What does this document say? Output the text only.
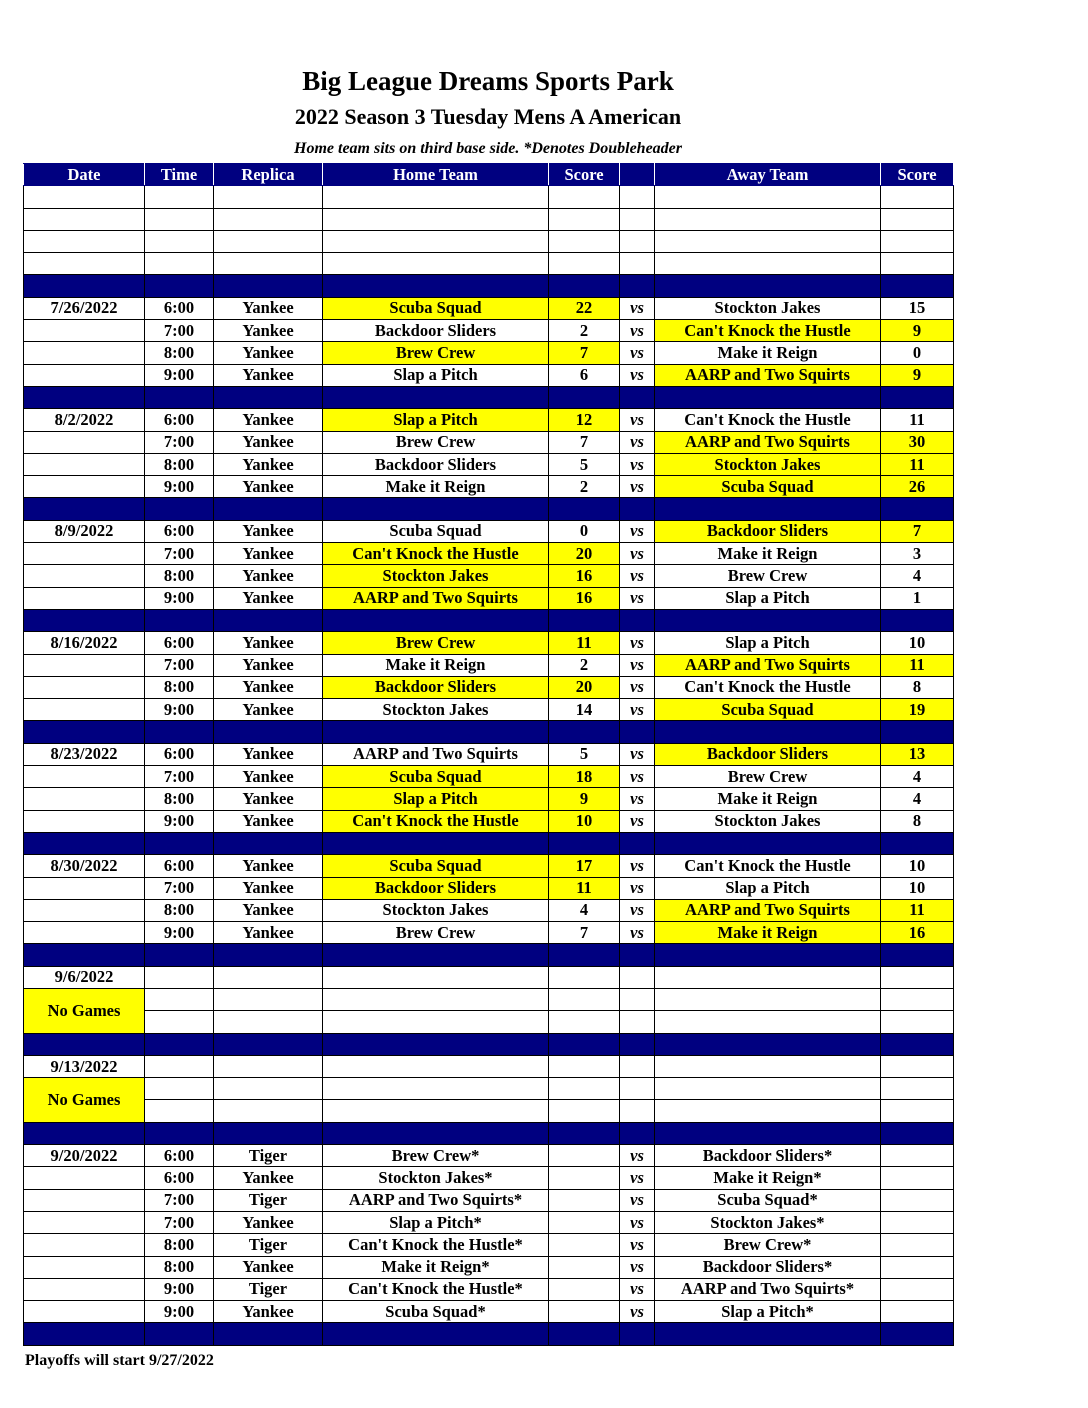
Big League Dreams Sports Park
2022 Season 3 Tuesday Mens A American
Home team sits on third base side. *Denotes Doubleheader
Date	Time	Replica	Home Team	Score		Away Team	Score

7/26/2022	6:00	Yankee	Scuba Squad	22	vs	Stockton Jakes	15
	7:00	Yankee	Backdoor Sliders	2	vs	Can't Knock the Hustle	9
	8:00	Yankee	Brew Crew	7	vs	Make it Reign	0
	9:00	Yankee	Slap a Pitch	6	vs	AARP and Two Squirts	9

8/2/2022	6:00	Yankee	Slap a Pitch	12	vs	Can't Knock the Hustle	11
	7:00	Yankee	Brew Crew	7	vs	AARP and Two Squirts	30
	8:00	Yankee	Backdoor Sliders	5	vs	Stockton Jakes	11
	9:00	Yankee	Make it Reign	2	vs	Scuba Squad	26

8/9/2022	6:00	Yankee	Scuba Squad	0	vs	Backdoor Sliders	7
	7:00	Yankee	Can't Knock the Hustle	20	vs	Make it Reign	3
	8:00	Yankee	Stockton Jakes	16	vs	Brew Crew	4
	9:00	Yankee	AARP and Two Squirts	16	vs	Slap a Pitch	1

8/16/2022	6:00	Yankee	Brew Crew	11	vs	Slap a Pitch	10
	7:00	Yankee	Make it Reign	2	vs	AARP and Two Squirts	11
	8:00	Yankee	Backdoor Sliders	20	vs	Can't Knock the Hustle	8
	9:00	Yankee	Stockton Jakes	14	vs	Scuba Squad	19

8/23/2022	6:00	Yankee	AARP and Two Squirts	5	vs	Backdoor Sliders	13
	7:00	Yankee	Scuba Squad	18	vs	Brew Crew	4
	8:00	Yankee	Slap a Pitch	9	vs	Make it Reign	4
	9:00	Yankee	Can't Knock the Hustle	10	vs	Stockton Jakes	8

8/30/2022	6:00	Yankee	Scuba Squad	17	vs	Can't Knock the Hustle	10
	7:00	Yankee	Backdoor Sliders	11	vs	Slap a Pitch	10
	8:00	Yankee	Stockton Jakes	4	vs	AARP and Two Squirts	11
	9:00	Yankee	Brew Crew	7	vs	Make it Reign	16

9/6/2022							
No Games							

9/13/2022							
No Games							

9/20/2022	6:00	Tiger	Brew Crew*		vs	Backdoor Sliders*	
	6:00	Yankee	Stockton Jakes*		vs	Make it Reign*	
	7:00	Tiger	AARP and Two Squirts*		vs	Scuba Squad*	
	7:00	Yankee	Slap a Pitch*		vs	Stockton Jakes*	
	8:00	Tiger	Can't Knock the Hustle*		vs	Brew Crew*	
	8:00	Yankee	Make it Reign*		vs	Backdoor Sliders*	
	9:00	Tiger	Can't Knock the Hustle*		vs	AARP and Two Squirts*	
	9:00	Yankee	Scuba Squad*		vs	Slap a Pitch*	

Playoffs will start 9/27/2022
